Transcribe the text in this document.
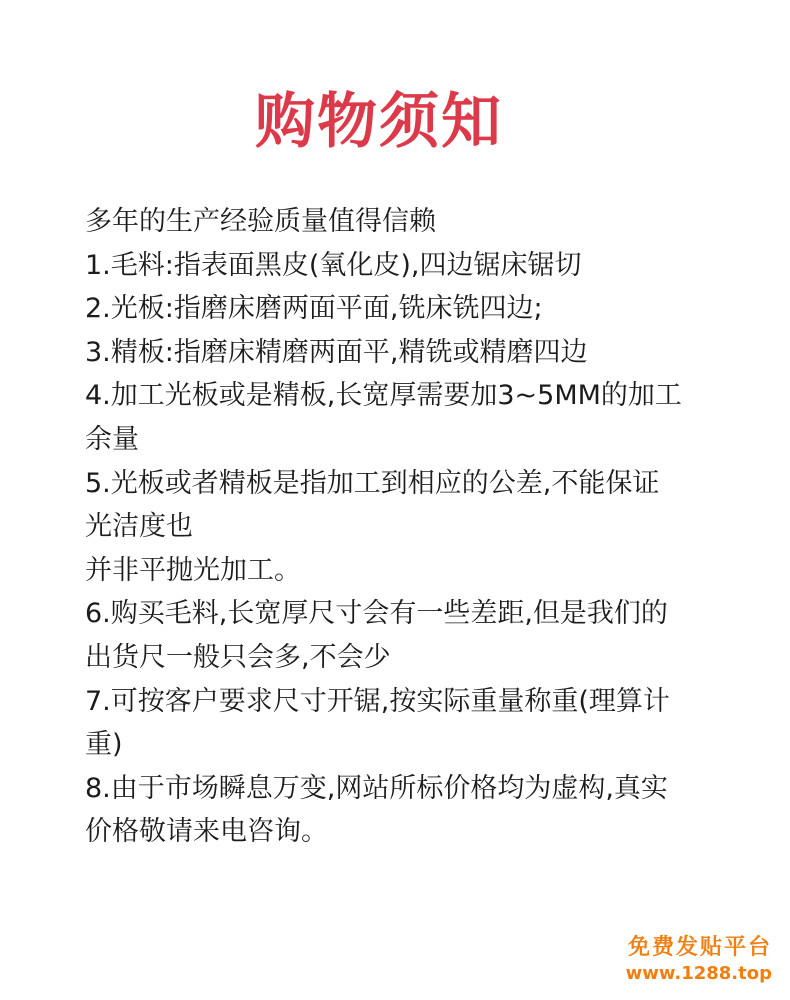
购物须知
多年的生产经验质量值得信赖
1.毛料:指表面黑皮(氧化皮),四边锯床锯切
2.光板:指磨床磨两面平面,铣床铣四边;
3.精板:指磨床精磨两面平,精铣或精磨四边
4.加工光板或是精板,长宽厚需要加3~5MM的加工
余量
5.光板或者精板是指加工到相应的公差,不能保证
光洁度也
并非平抛光加工。
6.购买毛料,长宽厚尺寸会有一些差距,但是我们的
出货尺一般只会多,不会少
7.可按客户要求尺寸开锯,按实际重量称重(理算计
重)
8.由于市场瞬息万变,网站所标价格均为虚构,真实
价格敬请来电咨询。
免费发贴平台
www.1288.top
